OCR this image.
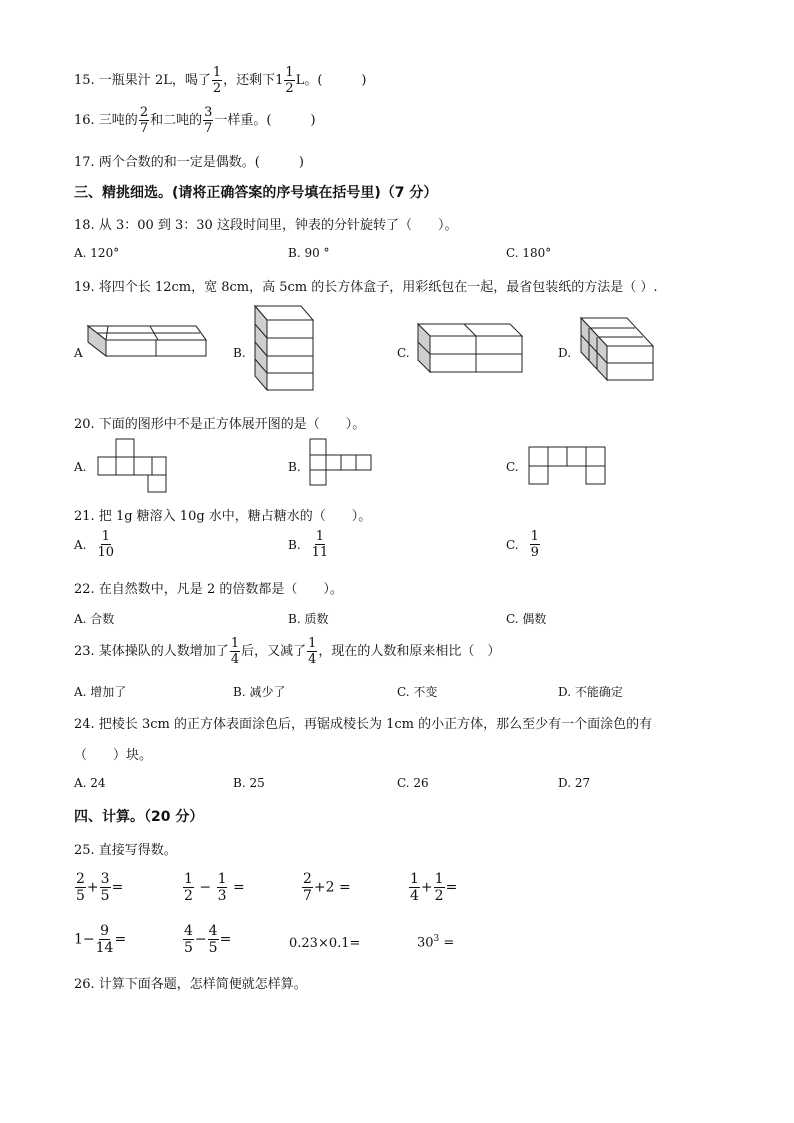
15. 一瓶果汁 2L，喝了 $\frac{1}{2}$ ，还剩下 $1 \frac{1}{2}$ L。(　　　)
16. 三吨的 $\frac{2}{7}$ 和二吨的 $\frac{3}{7}$ 一样重。(　　　)
17. 两个合数的和一定是偶数。(　　　)
三、精挑细选。(请将正确答案的序号填在括号里)（7 分）
18. 从 3：00 到 3：30 这段时间里，钟表的分针旋转了（　　）。
A. 120°	B. 90 °	C. 180°
19. 将四个长 12cm，宽 8cm，高 5cm 的长方体盒子，用彩纸包在一起，最省包装纸的方法是（ ）.
A	B.	C.	D.
20. 下面的图形中不是正方体展开图的是（　　）。
A.	B.	C.
21. 把 1g 糖溶入 10g 水中，糖占糖水的（　　）。
A. $\frac{1}{10}$	B. $\frac{1}{11}$	C. $\frac{1}{9}$
22. 在自然数中，凡是 2 的倍数都是（　　）。
A. 合数	B. 质数	C. 偶数
23. 某体操队的人数增加了 $\frac{1}{4}$ 后，又减了 $\frac{1}{4}$ ，现在的人数和原来相比（　）
A. 增加了	B. 减少了	C. 不变	D. 不能确定
24. 把棱长 3cm 的正方体表面涂色后，再锯成棱长为 1cm 的小正方体，那么至少有一个面涂色的有
（　　）块。
A. 24	B. 25	C. 26	D. 27
四、计算。（20 分）
25. 直接写得数。
$\frac{2}{5} + \frac{3}{5}$ =	$\frac{1}{2} - \frac{1}{3}$ =	$\frac{2}{7} +2$ =	$\frac{1}{4} + \frac{1}{2}$ =
$1- \frac{9}{14}$ =	$\frac{4}{5} - \frac{4}{5}$ =	0.23×0.1=	$30^3$ =
26. 计算下面各题，怎样简便就怎样算。
